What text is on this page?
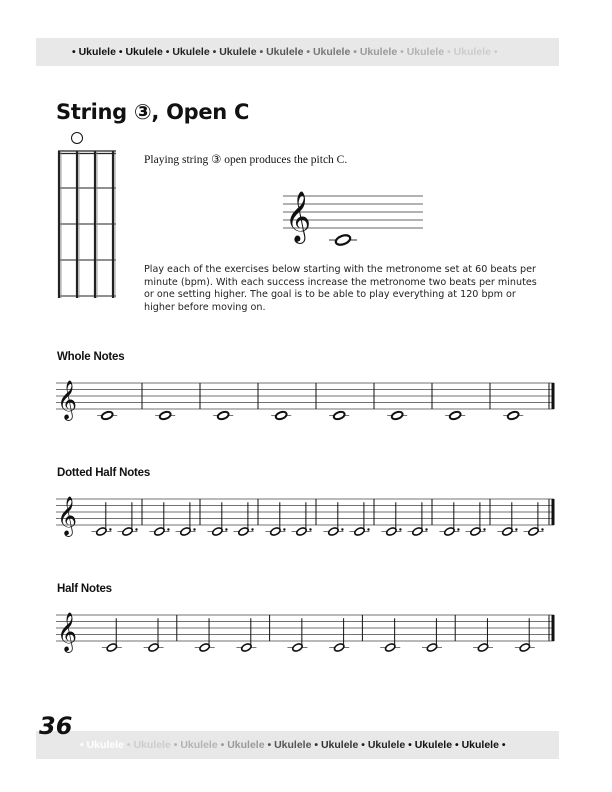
• Ukulele • Ukulele • Ukulele • Ukulele • Ukulele • Ukulele • Ukulele • Ukulele • Ukulele •
String ③, Open C
Playing string ③ open produces the pitch C.
𝄞
Play each of the exercises below starting with the metronome set at 60 beats per minute (bpm). With each success increase the metronome two beats per minutes or one setting higher. The goal is to be able to play everything at 120 bpm or higher before moving on.
Whole Notes
Dotted Half Notes
Half Notes
𝄞
𝄞
𝄞
• Ukulele • Ukulele • Ukulele • Ukulele • Ukulele • Ukulele • Ukulele • Ukulele • Ukulele •
36
